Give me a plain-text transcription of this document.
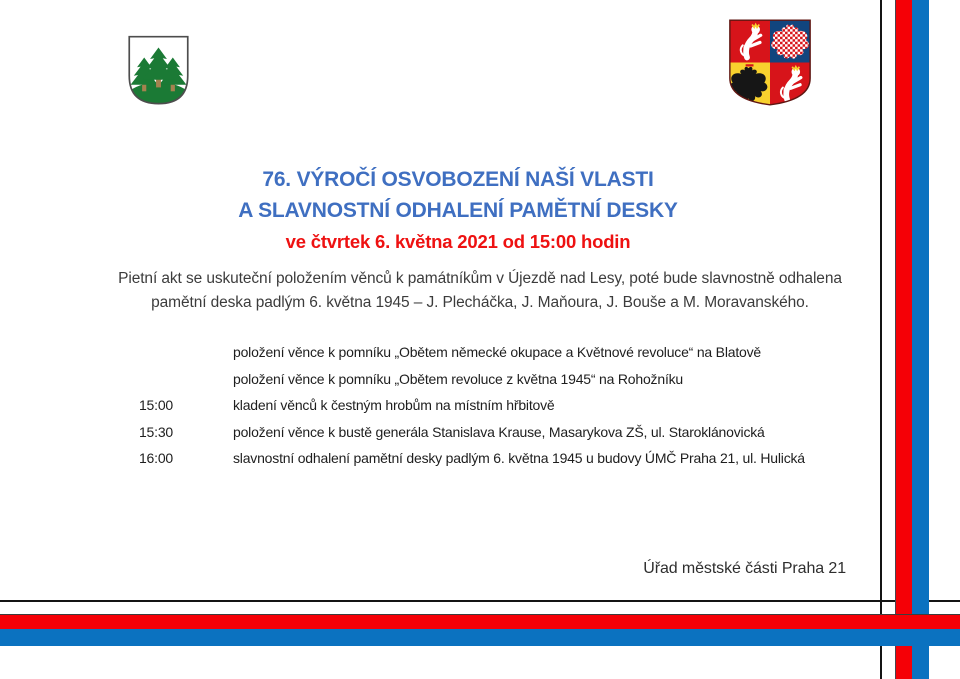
76. VÝROČÍ OSVOBOZENÍ NAŠÍ VLASTI
A SLAVNOSTNÍ ODHALENÍ PAMĚTNÍ DESKY
ve čtvrtek 6. května 2021 od 15:00 hodin
Pietní akt se uskuteční položením věnců k památníkům v Újezdě nad Lesy, poté bude slavnostně odhalena
pamětní deska padlým 6. května 1945 – J. Plecháčka, J. Maňoura, J. Bouše a M. Moravanského.
položení věnce k pomníku „Obětem německé okupace a Květnové revoluce“ na Blatově
položení věnce k pomníku „Obětem revoluce z května 1945“ na Rohožníku
15:00	kladení věnců k čestným hrobům na místním hřbitově
15:30	položení věnce k bustě generála Stanislava Krause, Masarykova ZŠ, ul. Staroklánovická
16:00	slavnostní odhalení pamětní desky padlým 6. května 1945 u budovy ÚMČ Praha 21, ul. Hulická
Úřad městské části Praha 21
